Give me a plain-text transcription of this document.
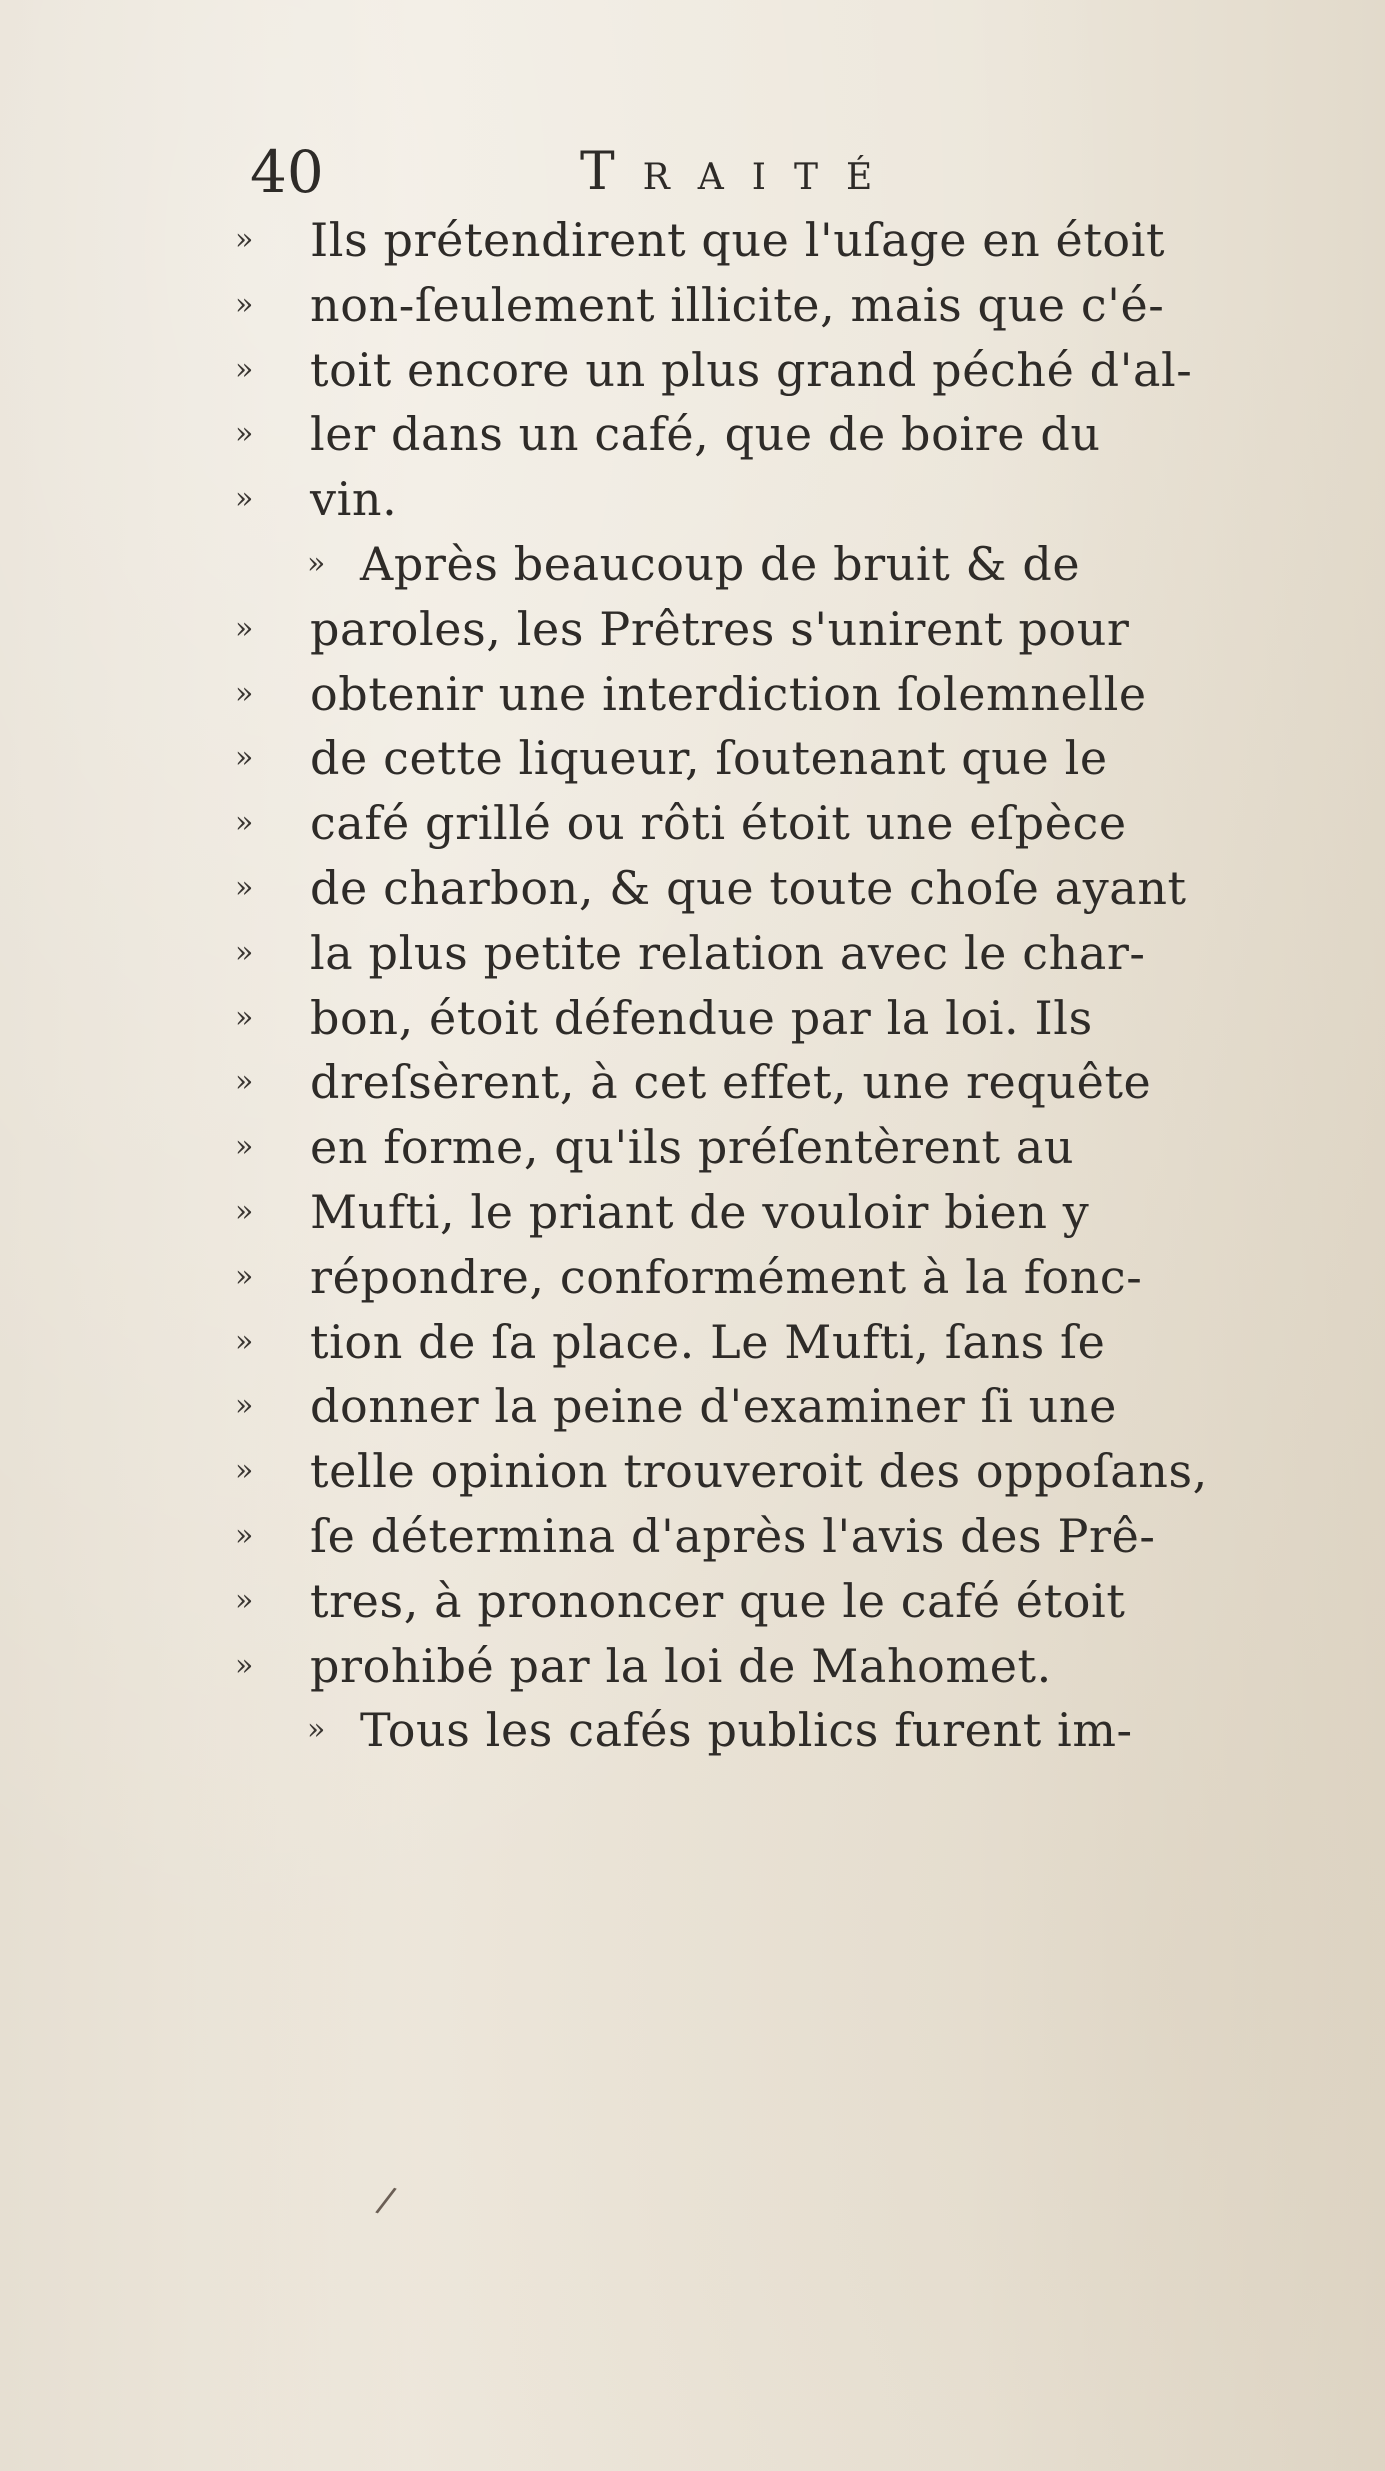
40	Traité
»	Ils prétendirent que l'uſage en étoit
»	non-ſeulement illicite, mais que c'é-
»	toit encore un plus grand péché d'al-
»	ler dans un café, que de boire du
»	vin.
» Après beaucoup de bruit & de
»	paroles, les Prêtres s'unirent pour
»	obtenir une interdiction ſolemnelle
»	de cette liqueur, ſoutenant que le
»	café grillé ou rôti étoit une eſpèce
»	de charbon, & que toute choſe ayant
»	la plus petite relation avec le char-
»	bon, étoit défendue par la loi. Ils
»	dreſsèrent, à cet effet, une requête
»	en forme, qu'ils préſentèrent au
»	Mufti, le priant de vouloir bien y
»	répondre, conformément à la fonc-
»	tion de ſa place. Le Mufti, ſans ſe
»	donner la peine d'examiner ſi une
»	telle opinion trouveroit des oppoſans,
»	ſe détermina d'après l'avis des Prê-
»	tres, à prononcer que le café étoit
»	prohibé par la loi de Mahomet.
» Tous les cafés publics furent im-
/
